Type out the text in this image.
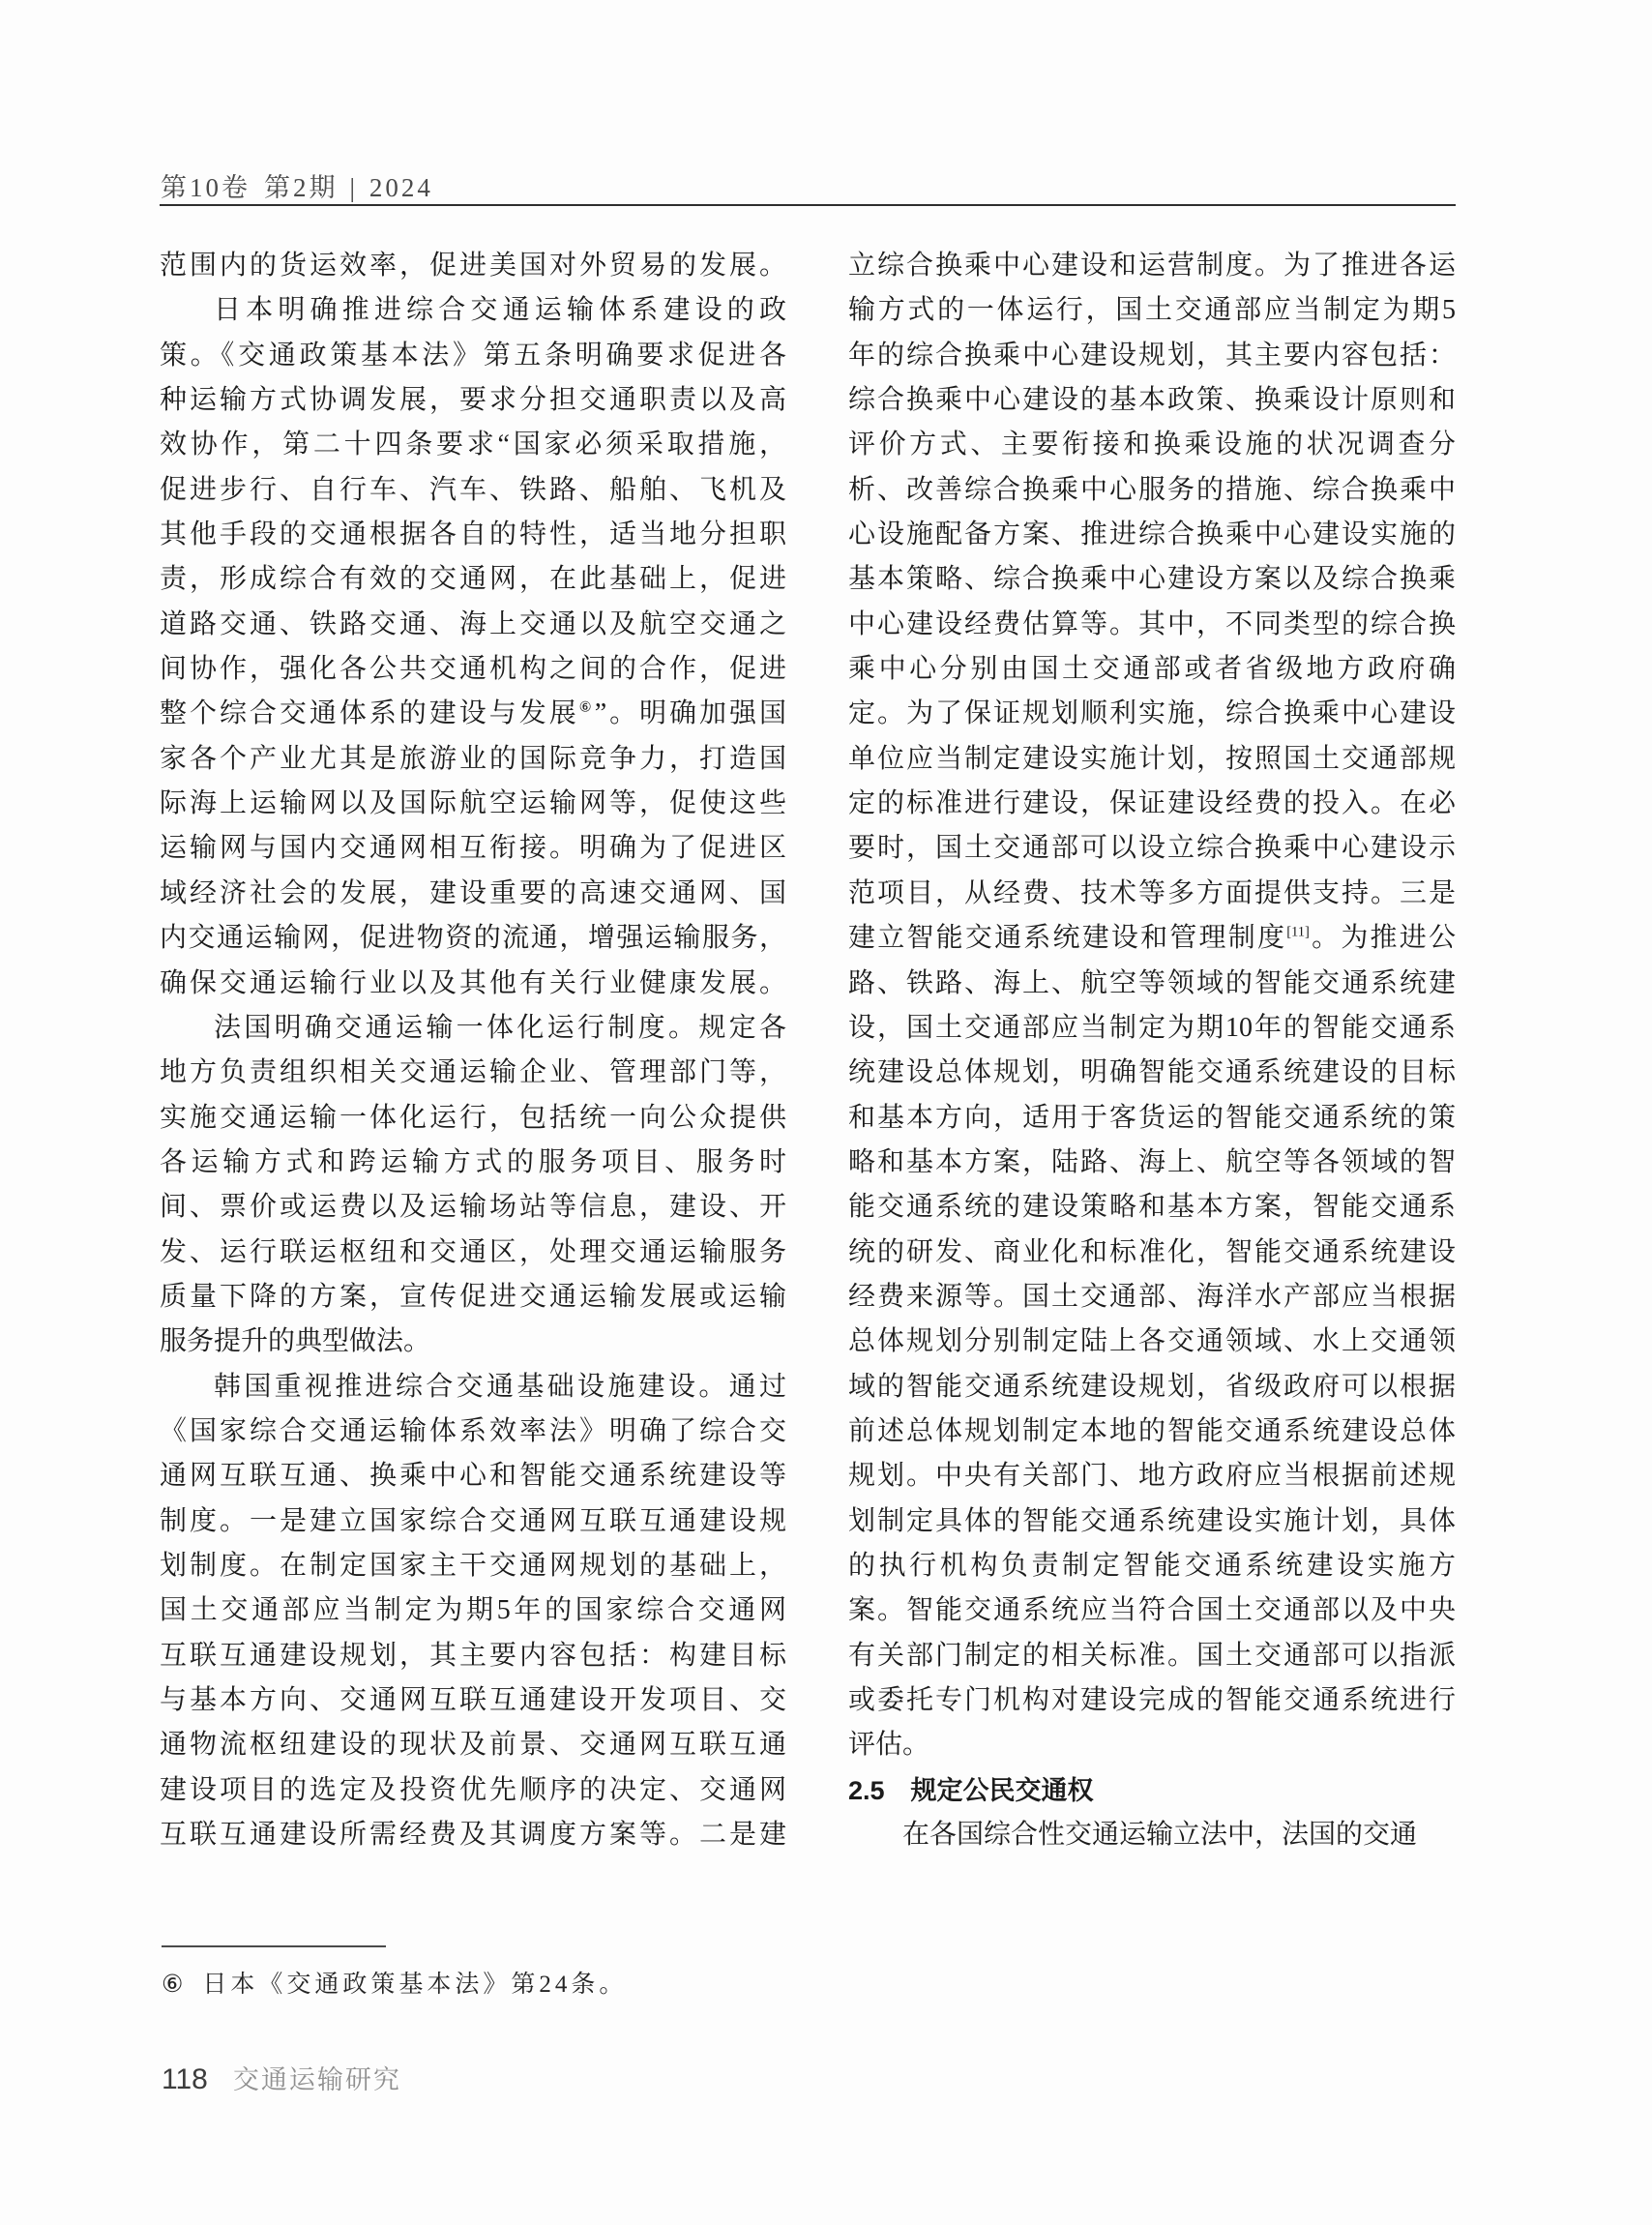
第10卷 第2期 | 2024
范围内的货运效率，促进美国对外贸易的发展。
日本明确推进综合交通运输体系建设的政
策。《交通政策基本法》第五条明确要求促进各
种运输方式协调发展，要求分担交通职责以及高
效协作，第二十四条要求“国家必须采取措施，
促进步行、自行车、汽车、铁路、船舶、飞机及
其他手段的交通根据各自的特性，适当地分担职
责，形成综合有效的交通网，在此基础上，促进
道路交通、铁路交通、海上交通以及航空交通之
间协作，强化各公共交通机构之间的合作，促进
整个综合交通体系的建设与发展⑥”。明确加强国
家各个产业尤其是旅游业的国际竞争力，打造国
际海上运输网以及国际航空运输网等，促使这些
运输网与国内交通网相互衔接。明确为了促进区
域经济社会的发展，建设重要的高速交通网、国
内交通运输网，促进物资的流通，增强运输服务，
确保交通运输行业以及其他有关行业健康发展。
法国明确交通运输一体化运行制度。规定各
地方负责组织相关交通运输企业、管理部门等，
实施交通运输一体化运行，包括统一向公众提供
各运输方式和跨运输方式的服务项目、服务时
间、票价或运费以及运输场站等信息，建设、开
发、运行联运枢纽和交通区，处理交通运输服务
质量下降的方案，宣传促进交通运输发展或运输
服务提升的典型做法。
韩国重视推进综合交通基础设施建设。通过
《国家综合交通运输体系效率法》明确了综合交
通网互联互通、换乘中心和智能交通系统建设等
制度。一是建立国家综合交通网互联互通建设规
划制度。在制定国家主干交通网规划的基础上，
国土交通部应当制定为期5年的国家综合交通网
互联互通建设规划，其主要内容包括：构建目标
与基本方向、交通网互联互通建设开发项目、交
通物流枢纽建设的现状及前景、交通网互联互通
建设项目的选定及投资优先顺序的决定、交通网
互联互通建设所需经费及其调度方案等。二是建
立综合换乘中心建设和运营制度。为了推进各运
输方式的一体运行，国土交通部应当制定为期5
年的综合换乘中心建设规划，其主要内容包括：
综合换乘中心建设的基本政策、换乘设计原则和
评价方式、主要衔接和换乘设施的状况调查分
析、改善综合换乘中心服务的措施、综合换乘中
心设施配备方案、推进综合换乘中心建设实施的
基本策略、综合换乘中心建设方案以及综合换乘
中心建设经费估算等。其中，不同类型的综合换
乘中心分别由国土交通部或者省级地方政府确
定。为了保证规划顺利实施，综合换乘中心建设
单位应当制定建设实施计划，按照国土交通部规
定的标准进行建设，保证建设经费的投入。在必
要时，国土交通部可以设立综合换乘中心建设示
范项目，从经费、技术等多方面提供支持。三是
建立智能交通系统建设和管理制度[11]。为推进公
路、铁路、海上、航空等领域的智能交通系统建
设，国土交通部应当制定为期10年的智能交通系
统建设总体规划，明确智能交通系统建设的目标
和基本方向，适用于客货运的智能交通系统的策
略和基本方案，陆路、海上、航空等各领域的智
能交通系统的建设策略和基本方案，智能交通系
统的研发、商业化和标准化，智能交通系统建设
经费来源等。国土交通部、海洋水产部应当根据
总体规划分别制定陆上各交通领域、水上交通领
域的智能交通系统建设规划，省级政府可以根据
前述总体规划制定本地的智能交通系统建设总体
规划。中央有关部门、地方政府应当根据前述规
划制定具体的智能交通系统建设实施计划，具体
的执行机构负责制定智能交通系统建设实施方
案。智能交通系统应当符合国土交通部以及中央
有关部门制定的相关标准。国土交通部可以指派
或委托专门机构对建设完成的智能交通系统进行
评估。
2.5　规定公民交通权
在各国综合性交通运输立法中，法国的交通
⑥ 日本《交通政策基本法》第24条。
118 交通运输研究
